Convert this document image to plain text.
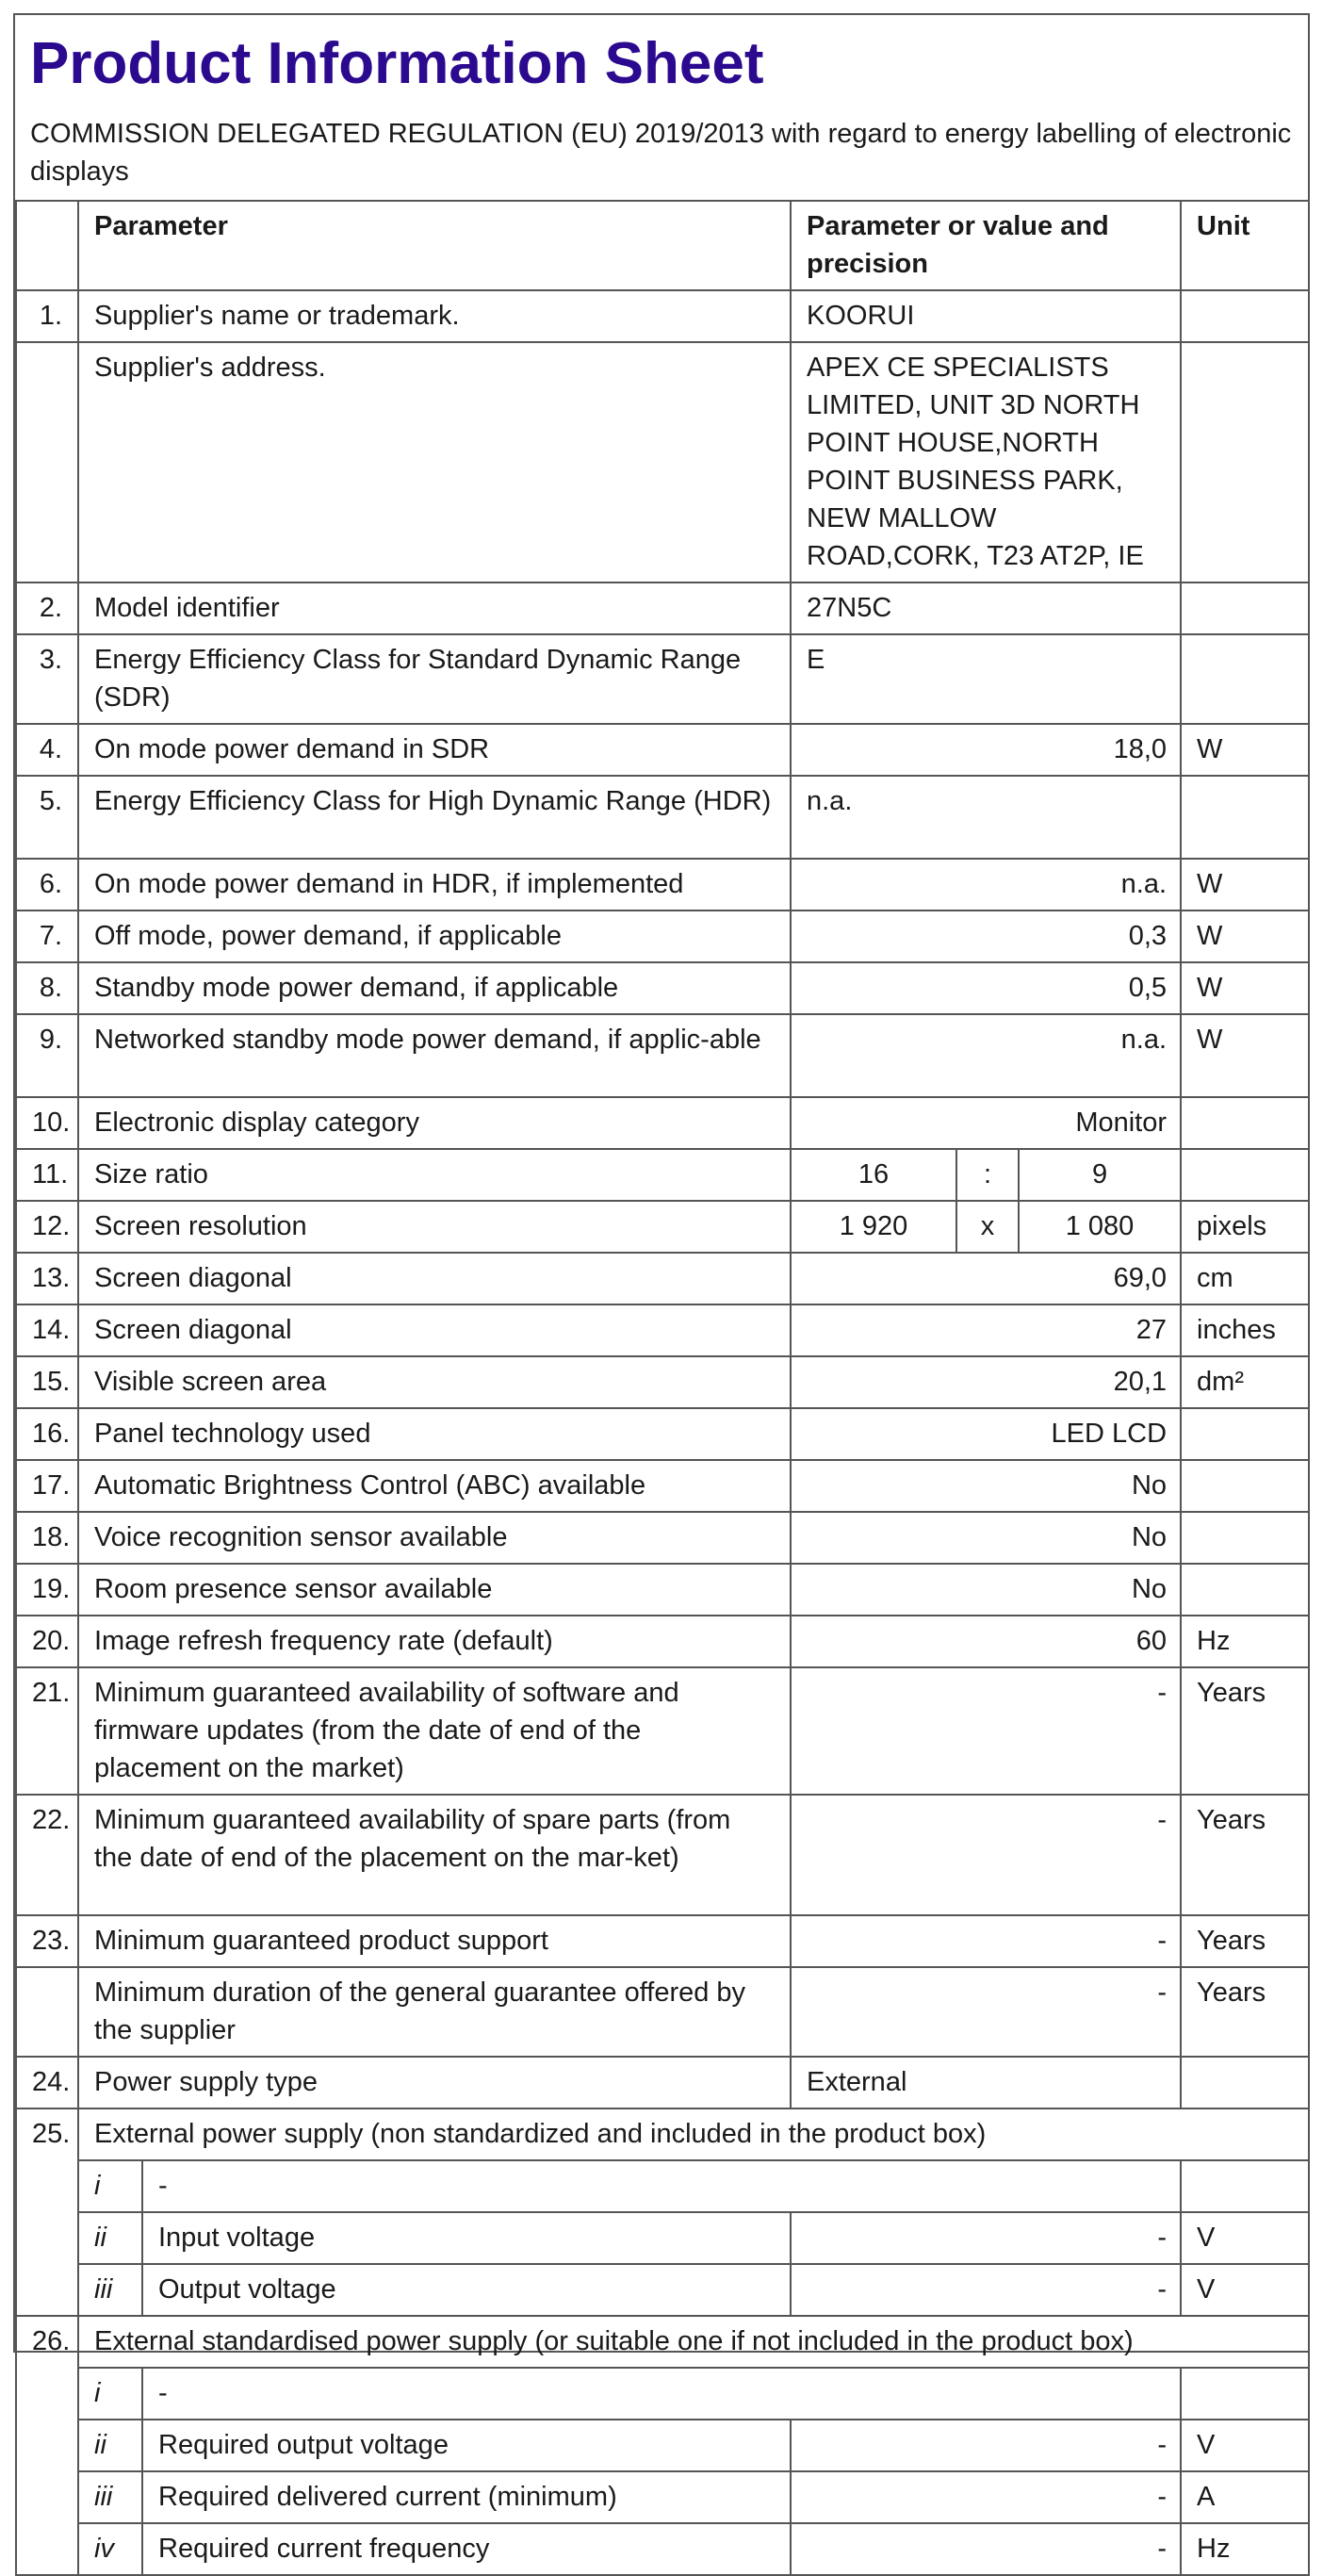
Product Information Sheet
COMMISSION DELEGATED REGULATION (EU) 2019/2013 with regard to energy labelling of electronic displays
	Parameter		Parameter or value and precision			Unit
1.	Supplier's name or trademark.		KOORUI			
	Supplier's address.		APEX CE SPECIALISTS LIMITED, UNIT 3D NORTH POINT HOUSE,NORTH POINT BUSINESS PARK, NEW MALLOW ROAD,CORK, T23 AT2P, IE			
2.	Model identifier		27N5C			
3.	Energy Efficiency Class for Standard Dynamic Range (SDR)		E			
4.	On mode power demand in SDR		18,0			W
5.	Energy Efficiency Class for High Dynamic Range (HDR)		n.a.			
6.	On mode power demand in HDR, if implemented		n.a.			W
7.	Off mode, power demand, if applicable		0,3			W
8.	Standby mode power demand, if applicable		0,5			W
9.	Networked standby mode power demand, if applic-able		n.a.			W
10.	Electronic display category		Monitor			
11.	Size ratio		16	:	9	
12.	Screen resolution		1 920	x	1 080	pixels
13.	Screen diagonal		69,0			cm
14.	Screen diagonal		27			inches
15.	Visible screen area		20,1			dm²
16.	Panel technology used		LED LCD			
17.	Automatic Brightness Control (ABC) available		No			
18.	Voice recognition sensor available		No			
19.	Room presence sensor available		No			
20.	Image refresh frequency rate (default)		60			Hz
21.	Minimum guaranteed availability of software and firmware updates (from the date of end of the placement on the market)		-			Years
22.	Minimum guaranteed availability of spare parts (from the date of end of the placement on the mar-ket)		-			Years
23.	Minimum guaranteed product support		-			Years
	Minimum duration of the general guarantee offered by the supplier		-			Years
24.	Power supply type		External			
25.	External power supply (non standardized and included in the product box)					
	i	-				
	ii	Input voltage	-			V
	iii	Output voltage	-			V
26.	External standardised power supply (or suitable one if not included in the product box)					
	i	-				
	ii	Required output voltage	-			V
	iii	Required delivered current (minimum)	-			A
	iv	Required current frequency	-			Hz
